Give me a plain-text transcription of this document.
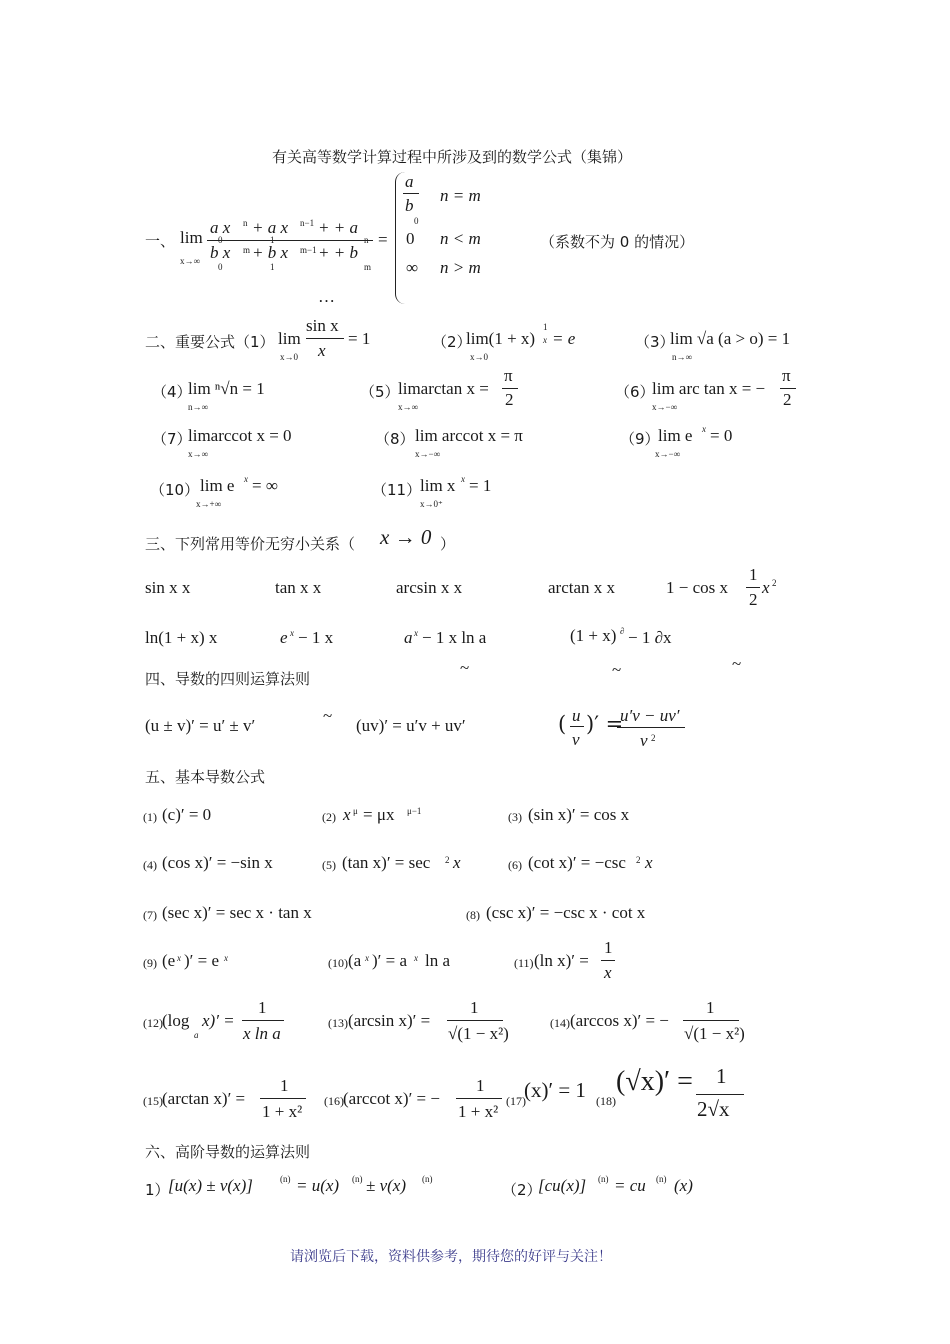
有关高等数学计算过程中所涉及到的数学公式（集锦）
一、 lim
x→∞
a x
0
n + a x
1
n−1 + + a
n
b x
0
m + b x
1
m−1 + + b
m
=
a
b
0
n = m
0 n < m
∞ n > m
…
（系数不为 0 的情况）
二、重要公式（1） lim
x→0
sin x
x
= 1	（2）
lim(1 + x)
1
x = e
x→0
（3）
lim √a (a > o) = 1
n→∞
（4）
lim ⁿ√n = 1
n→∞
（5）
limarctan x =
x→∞
π
2	（6）
lim arc tan x = −
x→−∞
π
2
（7）
limarccot x = 0
x→∞
（8） lim arccot x = π
x→−∞
（9）
lim e x = 0
x→−∞
（10） lim e x = ∞
x→+∞
（11）
lim x x = 1
x→0⁺
三、下列常用等价无穷小关系（ x → 0 ）
sin x x	tan x x	arcsin x x	arctan x x	1 − cos x
1
2
x 2
ln(1 + x) x	e x − 1 x	a x − 1 x ln a	(1 + x) ∂ − 1 ∂x
~	~	~
四、导数的四则运算法则
(u ± v)′ = u′ ± v′
~
(uv)′ = u′v + uv′	( u
v
)′ =
u′v − uv′
v 2
五、基本导数公式
(1) (c)′ = 0	(2) x μ = μx μ−1	(3) (sin x)′ = cos x
(4) (cos x)′ = −sin x	(5) (tan x)′ = sec 2 x	(6) (cot x)′ = −csc 2 x
(7) (sec x)′ = sec x · tan x	(8) (csc x)′ = −csc x · cot x
(9) (e x )′ = e x	(10) (a x )′ = a x ln a	(11) (ln x)′ =
1
x
(12) (log
a
x)′ =
1
x ln a
(13) (arcsin x)′ =
1
√(1 − x²)
(14) (arccos x)′ = −
1
√(1 − x²)
(15) (arctan x)′ =
1
1 + x²
(16) (arccot x)′ = −
1
1 + x²
(17)
(x)′ = 1 (18)
(√x)′ = 1
2√x
六、高阶导数的运算法则
1）
[u(x) ± v(x)]	(n) = u(x) (n) ± v(x) (n)
（2）
[cu(x)] (n) = cu (n) (x)
请浏览后下载，资料供参考，期待您的好评与关注！
